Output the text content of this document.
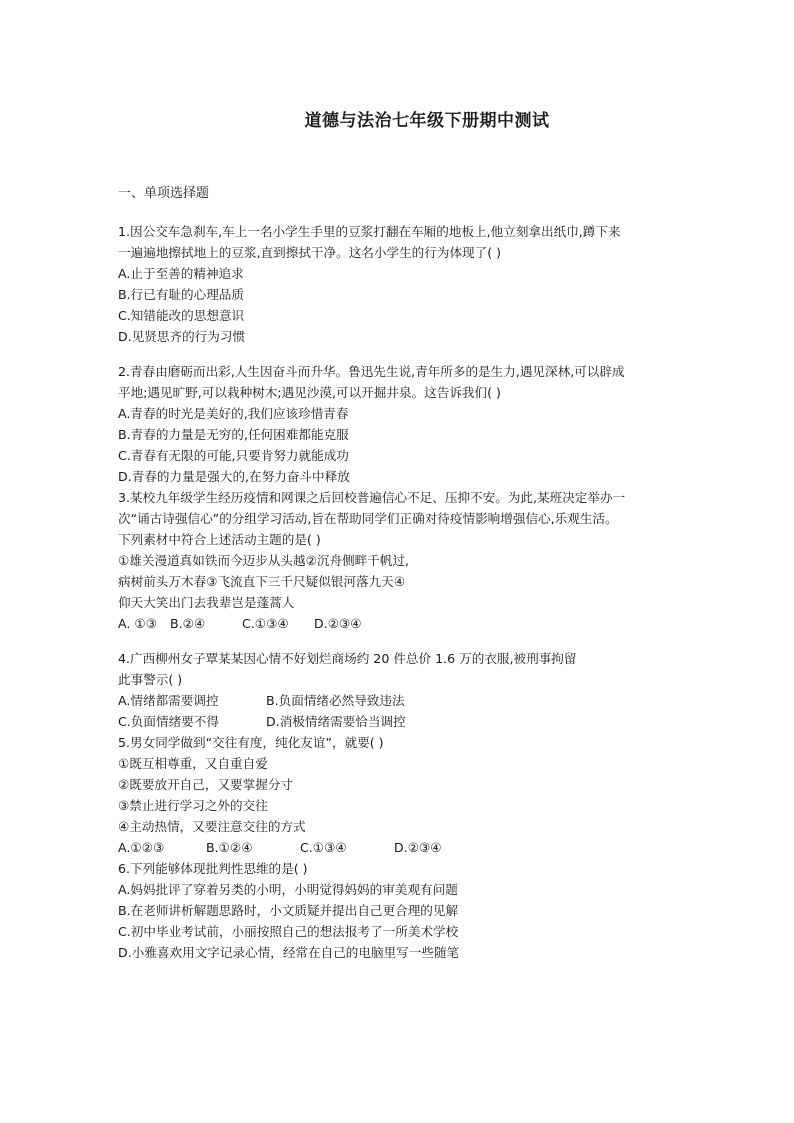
道德与法治七年级下册期中测试
一、单项选择题
1.因公交车急刹车,车上一名小学生手里的豆浆打翻在车厢的地板上,他立刻拿出纸巾,蹲下来
一遍遍地擦拭地上的豆浆,直到擦拭干净。这名小学生的行为体现了( )
A.止于至善的精神追求
B.行已有耻的心理品质
C.知错能改的思想意识
D.见贤思齐的行为习惯
2.青春由磨砺而出彩,人生因奋斗而升华。鲁迅先生说,青年所多的是生力,遇见深林,可以辟成
平地;遇见旷野,可以栽种树木;遇见沙漠,可以开掘井泉。这告诉我们( )
A.青春的时光是美好的,我们应该珍惜青春
B.青春的力量是无穷的,任何困难都能克服
C.青春有无限的可能,只要肯努力就能成功
D.青春的力量是强大的,在努力奋斗中释放
3.某校九年级学生经历疫情和网课之后回校普遍信心不足、压抑不安。为此,某班决定举办一
次“诵古诗强信心”的分组学习活动,旨在帮助同学们正确对待疫情影响增强信心,乐观生活。
下列素材中符合上述活动主题的是( )
①雄关漫道真如铁而今迈步从头越②沉舟侧畔千帆过,
病树前头万木春③飞流直下三千尺疑似银河落九天④
仰天大笑出门去我辈岂是蓬蒿人
A. ①③	B.②④	C.①③④	D.②③④
4.广西柳州女子覃某某因心情不好划烂商场约 20 件总价 1.6 万的衣服,被刑事拘留
此事警示( )
A.情绪都需要调控	B.负面情绪必然导致违法
C.负面情绪要不得	D.消极情绪需要恰当调控
5.男女同学做到“交往有度，纯化友谊”，就要( )
①既互相尊重，又自重自爱
②既要放开自己，又要掌握分寸
③禁止进行学习之外的交往
④主动热情，又要注意交往的方式
A.①②③	B.①②④	C.①③④	D.②③④
6.下列能够体现批判性思维的是( )
A.妈妈批评了穿着另类的小明，小明觉得妈妈的审美观有问题
B.在老师讲析解题思路时，小文质疑并提出自己更合理的见解
C.初中毕业考试前，小丽按照自己的想法报考了一所美术学校
D.小雅喜欢用文字记录心情，经常在自己的电脑里写一些随笔
